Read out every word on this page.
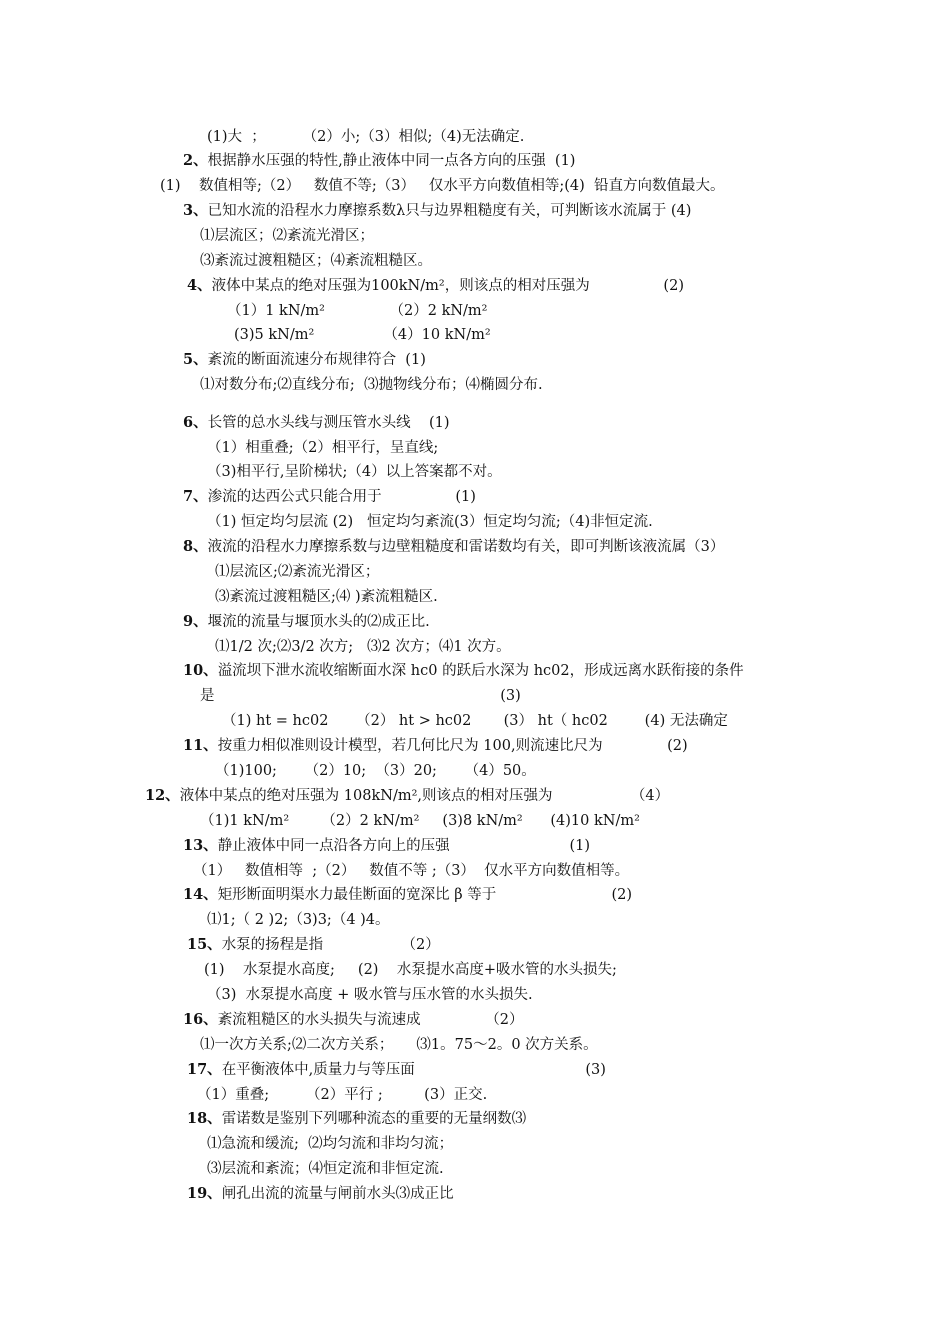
(1)大  ；        （2）小;（3）相似;（4)无法确定.
2、根据静水压强的特性,静止液体中同一点各方向的压强  (1)
(1)    数值相等;（2）   数值不等;（3）   仅水平方向数值相等;(4)  铅直方向数值最大。
3、已知水流的沿程水力摩擦系数λ只与边界粗糙度有关，可判断该水流属于 (4)
⑴层流区；⑵紊流光滑区；
⑶紊流过渡粗糙区；⑷紊流粗糙区。
4、液体中某点的绝对压强为100kN/m²，则该点的相对压强为                (2)
（1）1 kN/m²              （2）2 kN/m²
(3)5 kN/m²               （4）10 kN/m²
5、紊流的断面流速分布规律符合  (1)
⑴对数分布;⑵直线分布;  ⑶抛物线分布；⑷椭圆分布.
6、长管的总水头线与测压管水头线    (1)
（1）相重叠;（2）相平行，呈直线;
（3)相平行,呈阶梯状;（4）以上答案都不对。
7、渗流的达西公式只能合用于                (1)
（1) 恒定均匀层流 (2)   恒定均匀紊流(3）恒定均匀流;（4)非恒定流.
8、液流的沿程水力摩擦系数与边壁粗糙度和雷诺数均有关，即可判断该液流属（3）
⑴层流区;⑵紊流光滑区；
⑶紊流过渡粗糙区;⑷ )紊流粗糙区.
9、堰流的流量与堰顶水头的⑵成正比.
⑴1/2 次;⑵3/2 次方;   ⑶2 次方；⑷1 次方。
10、溢流坝下泄水流收缩断面水深 hc0 的跃后水深为 hc02，形成远离水跃衔接的条件
是                                                              (3)
（1) ht = hc02      （2） ht > hc02       (3） ht（ hc02        (4) 无法确定
11、按重力相似准则设计模型，若几何比尺为 100,则流速比尺为              (2)
（1)100;      （2）10;  （3）20;      （4）50。
12、液体中某点的绝对压强为 108kN/m²,则该点的相对压强为                 （4）
（1)1 kN/m²       （2）2 kN/m²     (3)8 kN/m²      (4)10 kN/m²
13、静止液体中同一点沿各方向上的压强                          (1)
（1）   数值相等  ;（2）   数值不等 ;（3）  仅水平方向数值相等。
14、矩形断面明渠水力最佳断面的宽深比 β 等于                         (2)
⑴1;（ 2 )2;（3)3;（4 )4。
15、水泵的扬程是指                 （2）
(1)    水泵提水高度;     (2)    水泵提水高度+吸水管的水头损失;
（3)  水泵提水高度 + 吸水管与压水管的水头损失.
16、紊流粗糙区的水头损失与流速成              （2）
⑴一次方关系;⑵二次方关系；     ⑶1。75～2。0 次方关系。
17、在平衡液体中,质量力与等压面                                     (3)
（1）重叠;        （2）平行 ;         (3）正交.
18、雷诺数是鉴别下列哪种流态的重要的无量纲数⑶
⑴急流和缓流;  ⑵均匀流和非均匀流；
⑶层流和紊流；⑷恒定流和非恒定流.
19、闸孔出流的流量与闸前水头⑶成正比
